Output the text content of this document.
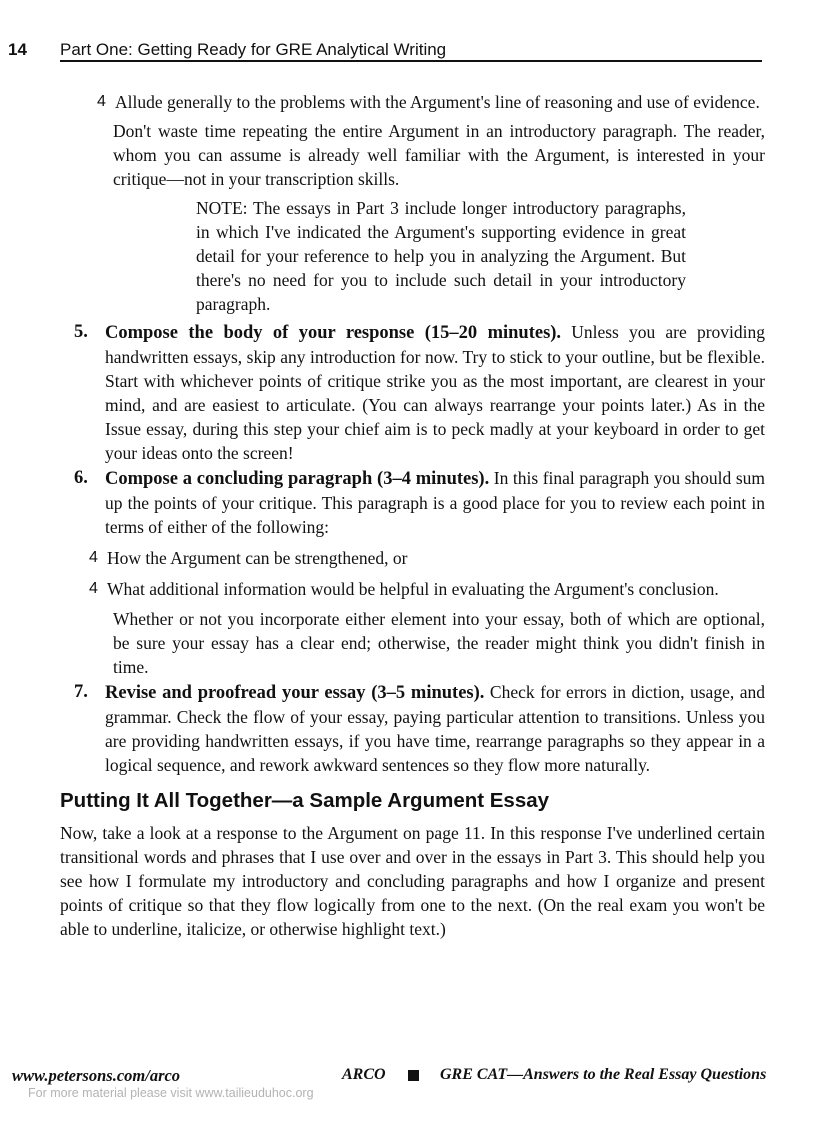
14 Part One: Getting Ready for GRE Analytical Writing
4 Allude generally to the problems with the Argument's line of reasoning and use of evidence.

Don't waste time repeating the entire Argument in an introductory paragraph. The reader, whom you can assume is already well familiar with the Argument, is interested in your critique—not in your transcription skills.

NOTE: The essays in Part 3 include longer introductory paragraphs, in which I've indicated the Argument's supporting evidence in great detail for your reference to help you in analyzing the Argument. But there's no need for you to include such detail in your introductory paragraph.

5. Compose the body of your response (15–20 minutes). Unless you are providing handwritten essays, skip any introduction for now. Try to stick to your outline, but be flexible. Start with whichever points of critique strike you as the most important, are clearest in your mind, and are easiest to articulate. (You can always rearrange your points later.) As in the Issue essay, during this step your chief aim is to peck madly at your keyboard in order to get your ideas onto the screen!

6. Compose a concluding paragraph (3–4 minutes). In this final paragraph you should sum up the points of your critique. This paragraph is a good place for you to review each point in terms of either of the following:

4 How the Argument can be strengthened, or

4 What additional information would be helpful in evaluating the Argument's conclusion.

Whether or not you incorporate either element into your essay, both of which are optional, be sure your essay has a clear end; otherwise, the reader might think you didn't finish in time.

7. Revise and proofread your essay (3–5 minutes). Check for errors in diction, usage, and grammar. Check the flow of your essay, paying particular attention to transitions. Unless you are providing handwritten essays, if you have time, rearrange paragraphs so they appear in a logical sequence, and rework awkward sentences so they flow more naturally.

Putting It All Together—a Sample Argument Essay

Now, take a look at a response to the Argument on page 11. In this response I've underlined certain transitional words and phrases that I use over and over in the essays in Part 3. This should help you see how I formulate my introductory and concluding paragraphs and how I organize and present points of critique so that they flow logically from one to the next. (On the real exam you won't be able to underline, italicize, or otherwise highlight text.)

www.petersons.com/arco	ARCO	GRE CAT—Answers to the Real Essay Questions
For more material please visit www.tailieuduhoc.org
